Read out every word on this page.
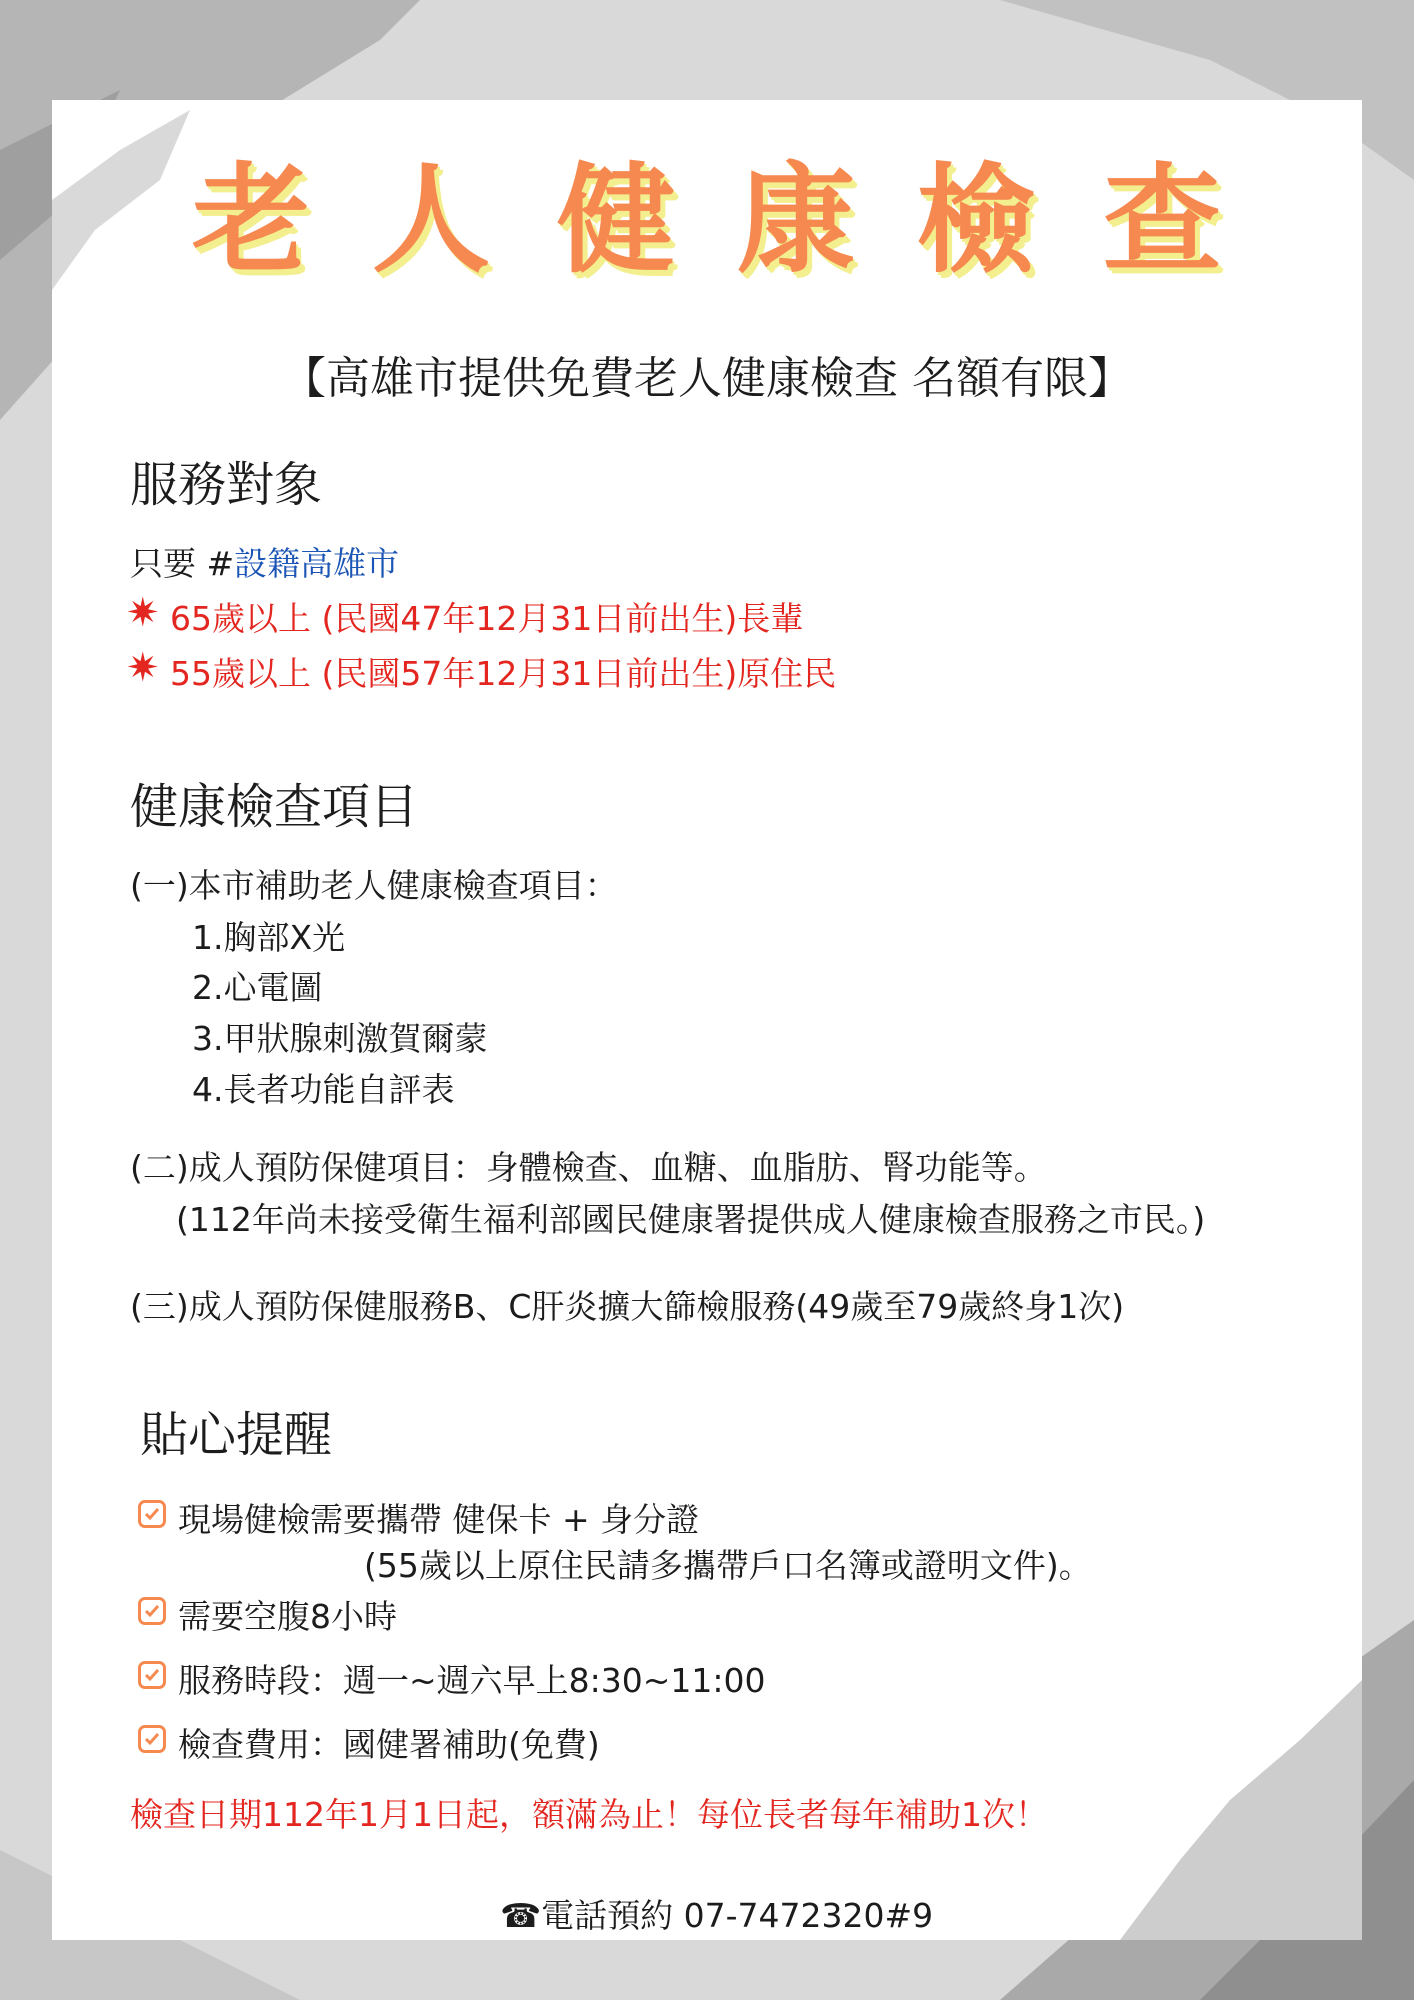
老 人 健 康 檢 查
【高雄市提供免費老人健康檢查 名額有限】
服務對象
只要 #設籍高雄市
✷ 65歲以上 (民國47年12月31日前出生)長輩
✷ 55歲以上 (民國57年12月31日前出生)原住民
健康檢查項目
(一)本市補助老人健康檢查項目：
1.胸部X光
2.心電圖
3.甲狀腺刺激賀爾蒙
4.長者功能自評表
(二)成人預防保健項目：身體檢查、血糖、血脂肪、腎功能等。
(112年尚未接受衛生福利部國民健康署提供成人健康檢查服務之市民。)
(三)成人預防保健服務B、C肝炎擴大篩檢服務(49歲至79歲終身1次)
貼心提醒
現場健檢需要攜帶 健保卡 + 身分證
(55歲以上原住民請多攜帶戶口名簿或證明文件)。
需要空腹8小時
服務時段：週一~週六早上8:30~11:00
檢查費用：國健署補助(免費)
檢查日期112年1月1日起，額滿為止！每位長者每年補助1次！
☎電話預約 07-7472320#9
